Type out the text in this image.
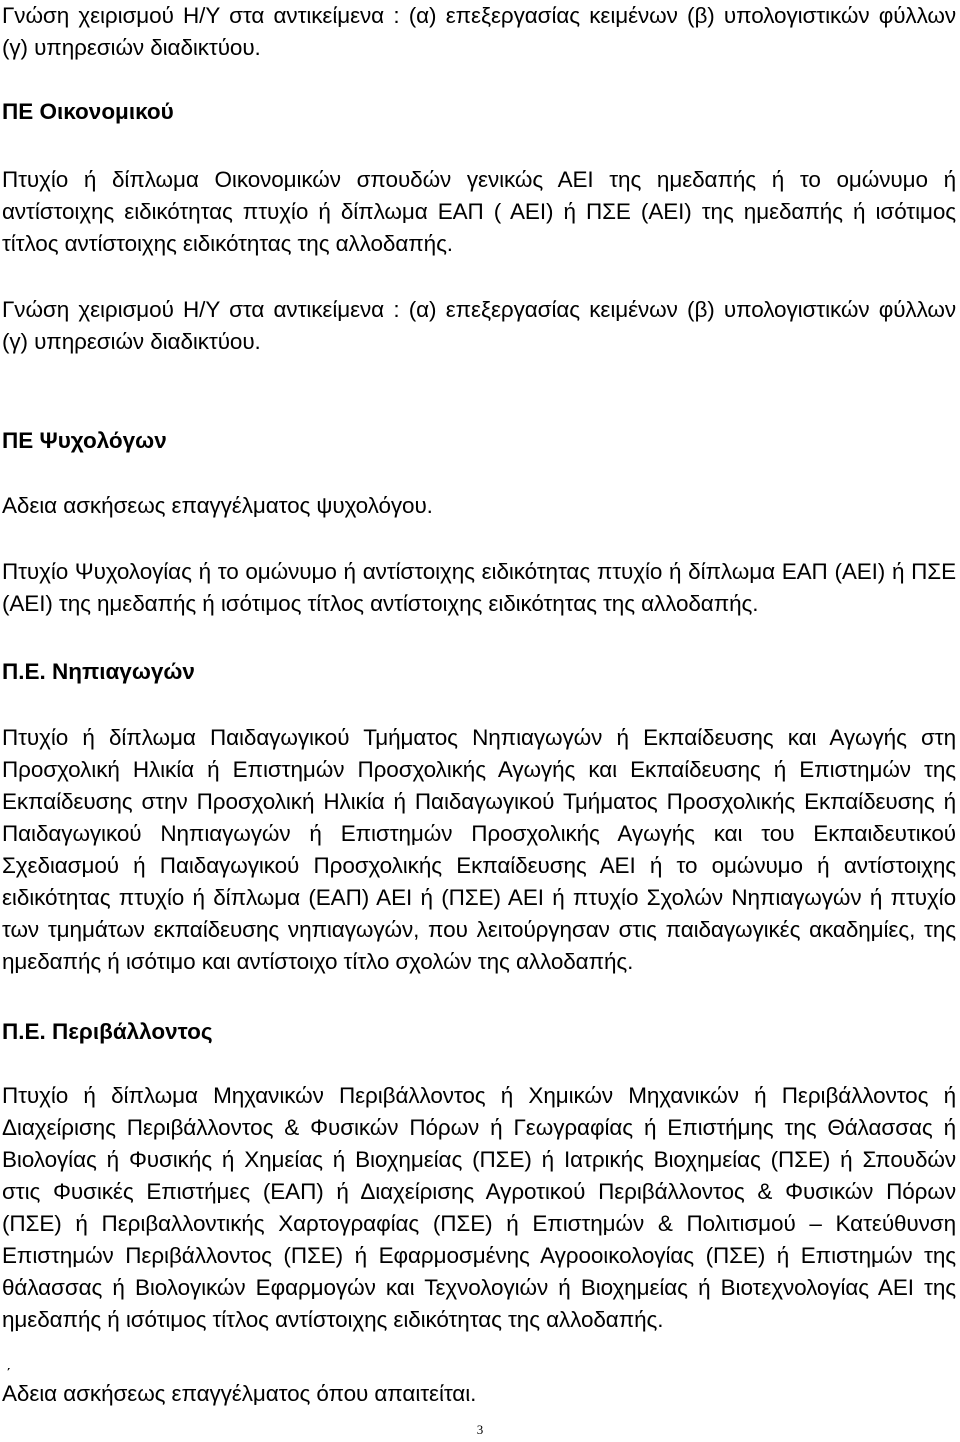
Γνώση χειρισμού Η/Υ στα αντικείμενα : (α) επεξεργασίας κειμένων (β) υπολογιστικών φύλλων
(γ) υπηρεσιών διαδικτύου.
ΠΕ Οικονομικού
Πτυχίο ή δίπλωμα Οικονομικών σπουδών γενικώς ΑΕΙ της ημεδαπής ή το ομώνυμο ή
αντίστοιχης ειδικότητας πτυχίο ή δίπλωμα ΕΑΠ ( ΑΕΙ) ή ΠΣΕ (ΑΕΙ) της ημεδαπής ή ισότιμος
τίτλος αντίστοιχης ειδικότητας της αλλοδαπής.
Γνώση χειρισμού Η/Υ στα αντικείμενα : (α) επεξεργασίας κειμένων (β) υπολογιστικών φύλλων
(γ) υπηρεσιών διαδικτύου.
ΠΕ Ψυχολόγων
Αδεια ασκήσεως επαγγέλματος ψυχολόγου.
Πτυχίο Ψυχολογίας ή το ομώνυμο ή αντίστοιχης ειδικότητας πτυχίο ή δίπλωμα ΕΑΠ (ΑΕΙ) ή ΠΣΕ
(ΑΕΙ) της ημεδαπής ή ισότιμος τίτλος αντίστοιχης ειδικότητας της αλλοδαπής.
Π.Ε. Νηπιαγωγών
Πτυχίο ή δίπλωμα Παιδαγωγικού Τμήματος Νηπιαγωγών ή Εκπαίδευσης και Αγωγής στη
Προσχολική Ηλικία ή Επιστημών Προσχολικής Αγωγής και Εκπαίδευσης ή Επιστημών της
Εκπαίδευσης στην Προσχολική Ηλικία ή Παιδαγωγικού Τμήματος Προσχολικής Εκπαίδευσης ή
Παιδαγωγικού Νηπιαγωγών ή Επιστημών Προσχολικής Αγωγής και του Εκπαιδευτικού
Σχεδιασμού ή Παιδαγωγικού Προσχολικής Εκπαίδευσης ΑΕΙ ή το ομώνυμο ή αντίστοιχης
ειδικότητας πτυχίο ή δίπλωμα (ΕΑΠ) ΑΕΙ ή (ΠΣΕ) ΑΕΙ ή πτυχίο Σχολών Νηπιαγωγών ή πτυχίο
των τμημάτων εκπαίδευσης νηπιαγωγών, που λειτούργησαν στις παιδαγωγικές ακαδημίες, της
ημεδαπής ή ισότιμο και αντίστοιχο τίτλο σχολών της αλλοδαπής.
Π.Ε. Περιβάλλοντος
Πτυχίο ή δίπλωμα Μηχανικών Περιβάλλοντος ή Χημικών Μηχανικών ή Περιβάλλοντος ή
Διαχείρισης Περιβάλλοντος & Φυσικών Πόρων ή Γεωγραφίας ή Επιστήμης της Θάλασσας ή
Βιολογίας ή Φυσικής ή Χημείας ή Βιοχημείας (ΠΣΕ) ή Ιατρικής Βιοχημείας (ΠΣΕ) ή Σπουδών
στις Φυσικές Επιστήμες (ΕΑΠ) ή Διαχείρισης Αγροτικού Περιβάλλοντος & Φυσικών Πόρων
(ΠΣΕ) ή Περιβαλλοντικής Χαρτογραφίας (ΠΣΕ) ή Επιστημών & Πολιτισμού – Κατεύθυνση
Επιστημών Περιβάλλοντος (ΠΣΕ) ή Εφαρμοσμένης Αγροοικολογίας (ΠΣΕ) ή Επιστημών της
θάλασσας ή Βιολογικών Εφαρμογών και Τεχνολογιών ή Βιοχημείας ή Βιοτεχνολογίας ΑΕΙ της
ημεδαπής ή ισότιμος τίτλος αντίστοιχης ειδικότητας της αλλοδαπής.
΄
Αδεια ασκήσεως επαγγέλματος όπου απαιτείται.
3
